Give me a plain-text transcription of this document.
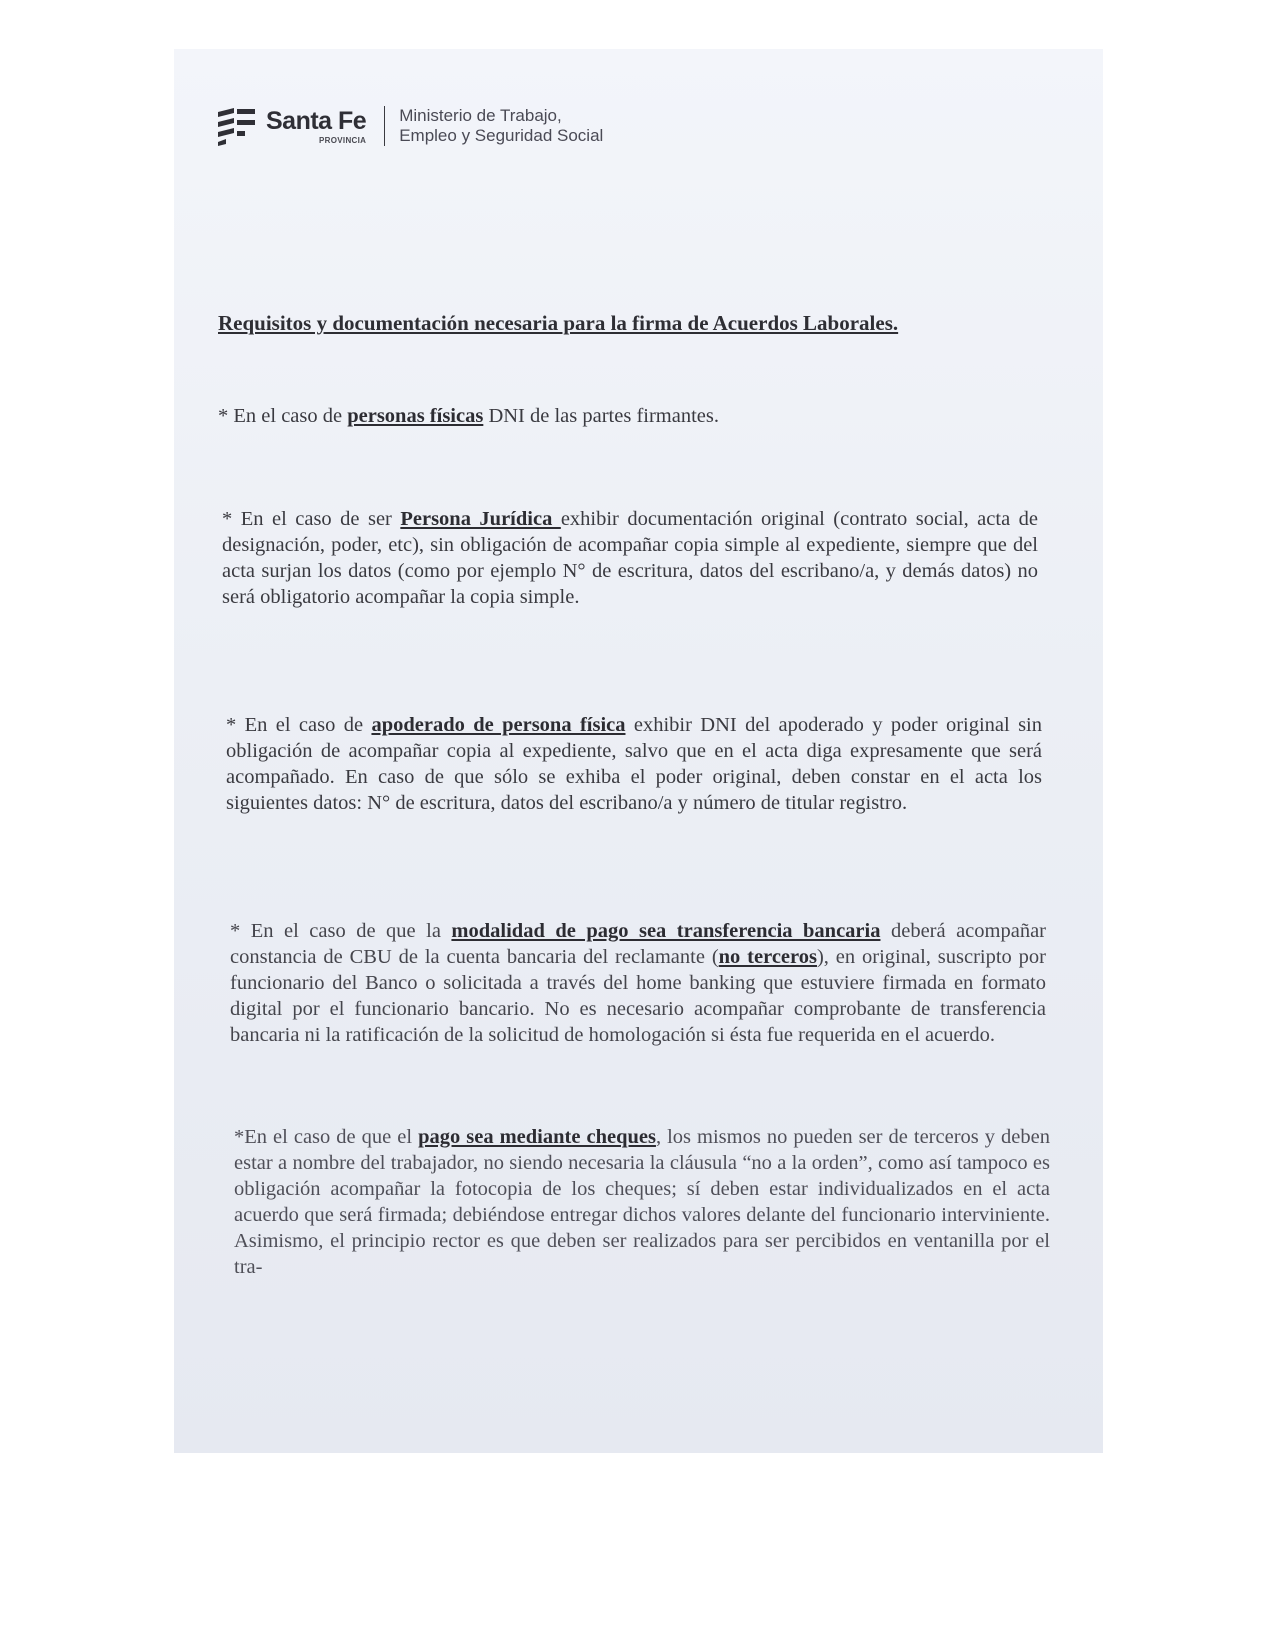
Santa Fe
PROVINCIA
Ministerio de Trabajo,
Empleo y Seguridad Social
Requisitos y documentación necesaria para la firma de Acuerdos Laborales.

* En el caso de personas físicas DNI de las partes firmantes.

* En el caso de ser Persona Jurídica exhibir documentación original (contrato social, acta de designación, poder, etc), sin obligación de acompañar copia simple al expediente, siempre que del acta surjan los datos (como por ejemplo N° de escritura, datos del escribano/a, y demás datos) no será obligatorio acompañar la copia simple.

* En el caso de apoderado de persona física exhibir DNI del apoderado y poder original sin obligación de acompañar copia al expediente, salvo que en el acta diga expresamente que será acompañado. En caso de que sólo se exhiba el poder original, deben constar en el acta los siguientes datos: N° de escritura, datos del escribano/a y número de titular registro.

* En el caso de que la modalidad de pago sea transferencia bancaria deberá acompañar constancia de CBU de la cuenta bancaria del reclamante (no terceros), en original, suscripto por funcionario del Banco o solicitada a través del home banking que estuviere firmada en formato digital por el funcionario bancario. No es necesario acompañar comprobante de transferencia bancaria ni la ratificación de la solicitud de homologación si ésta fue requerida en el acuerdo.

*En el caso de que el pago sea mediante cheques, los mismos no pueden ser de terceros y deben estar a nombre del trabajador, no siendo necesaria la cláusula “no a la orden”, como así tampoco es obligación acompañar la fotocopia de los cheques; sí deben estar individualizados en el acta acuerdo que será firmada; debiéndose entregar dichos valores delante del funcionario interviniente. Asimismo, el principio rector es que deben ser realizados para ser percibidos en ventanilla por el tra-
